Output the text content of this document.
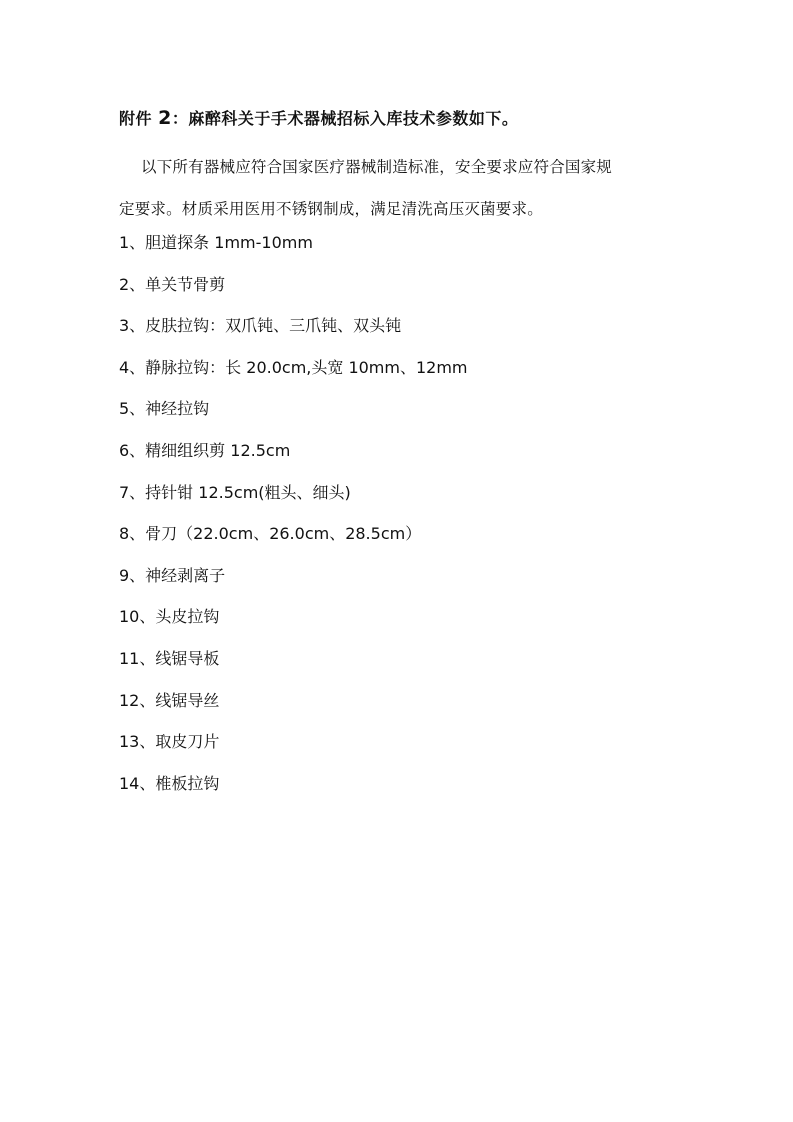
附件 2：麻醉科关于手术器械招标入库技术参数如下。
以下所有器械应符合国家医疗器械制造标准，安全要求应符合国家规
定要求。材质采用医用不锈钢制成，满足清洗高压灭菌要求。
1、胆道探条 1mm-10mm
2、单关节骨剪
3、皮肤拉钩：双爪钝、三爪钝、双头钝
4、静脉拉钩：长 20.0cm,头宽 10mm、12mm
5、神经拉钩
6、精细组织剪 12.5cm
7、持针钳 12.5cm(粗头、细头)
8、骨刀（22.0cm、26.0cm、28.5cm）
9、神经剥离子
10、头皮拉钩
11、线锯导板
12、线锯导丝
13、取皮刀片
14、椎板拉钩
